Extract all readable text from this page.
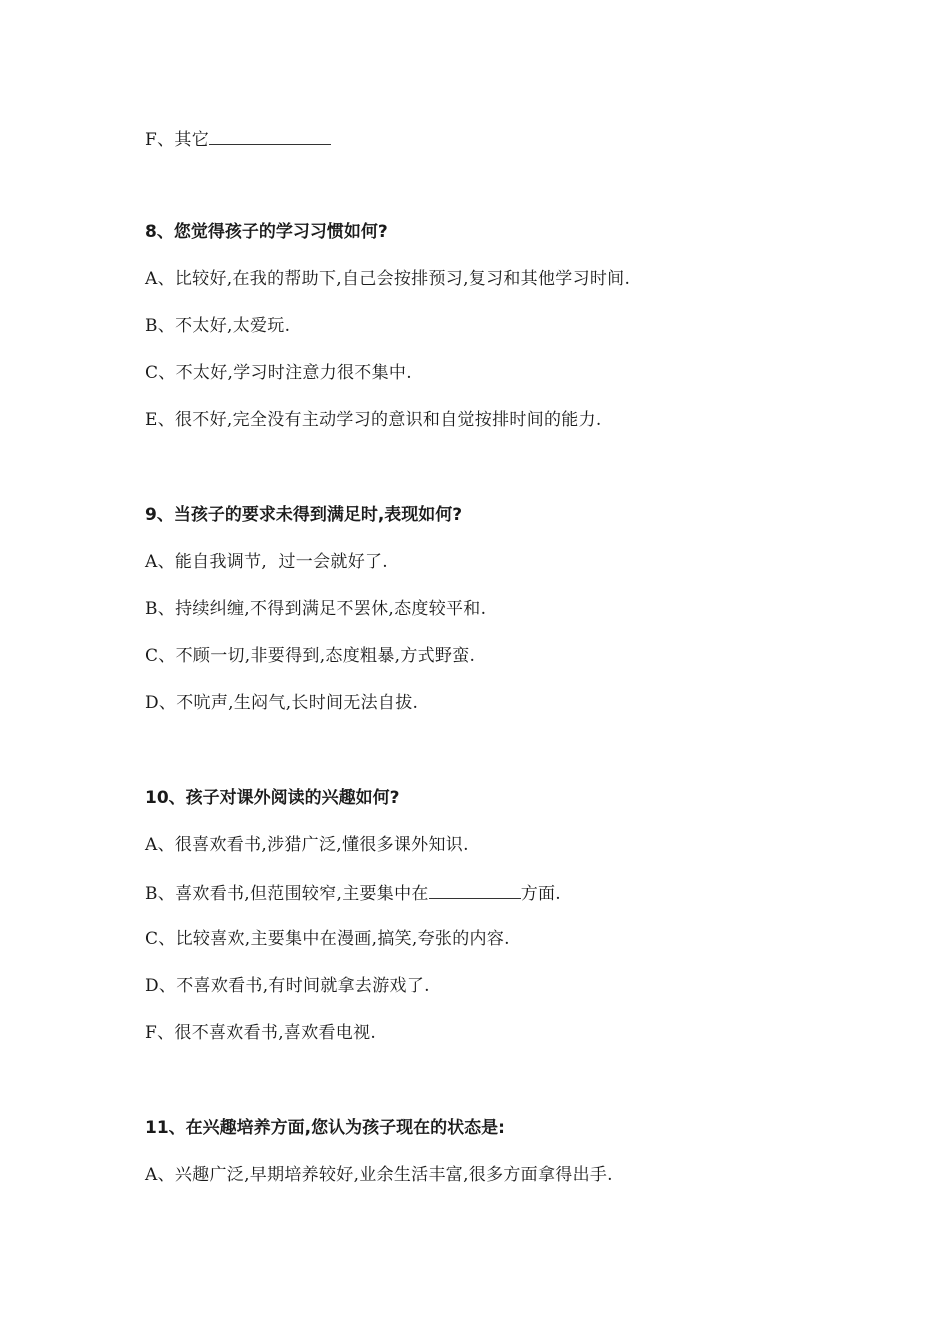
F、其它
8、您觉得孩子的学习习惯如何?
A、比较好,在我的帮助下,自己会按排预习,复习和其他学习时间.
B、不太好,太爱玩.
C、不太好,学习时注意力很不集中.
E、很不好,完全没有主动学习的意识和自觉按排时间的能力.
9、当孩子的要求未得到满足时,表现如何?
A、能自我调节,  过一会就好了.
B、持续纠缠,不得到满足不罢休,态度较平和.
C、不顾一切,非要得到,态度粗暴,方式野蛮.
D、不吭声,生闷气,长时间无法自拔.
10、孩子对课外阅读的兴趣如何?
A、很喜欢看书,涉猎广泛,懂很多课外知识.
B、喜欢看书,但范围较窄,主要集中在	方面.
C、比较喜欢,主要集中在漫画,搞笑,夸张的内容.
D、不喜欢看书,有时间就拿去游戏了.
F、很不喜欢看书,喜欢看电视.
11、在兴趣培养方面,您认为孩子现在的状态是:
A、兴趣广泛,早期培养较好,业余生活丰富,很多方面拿得出手.
